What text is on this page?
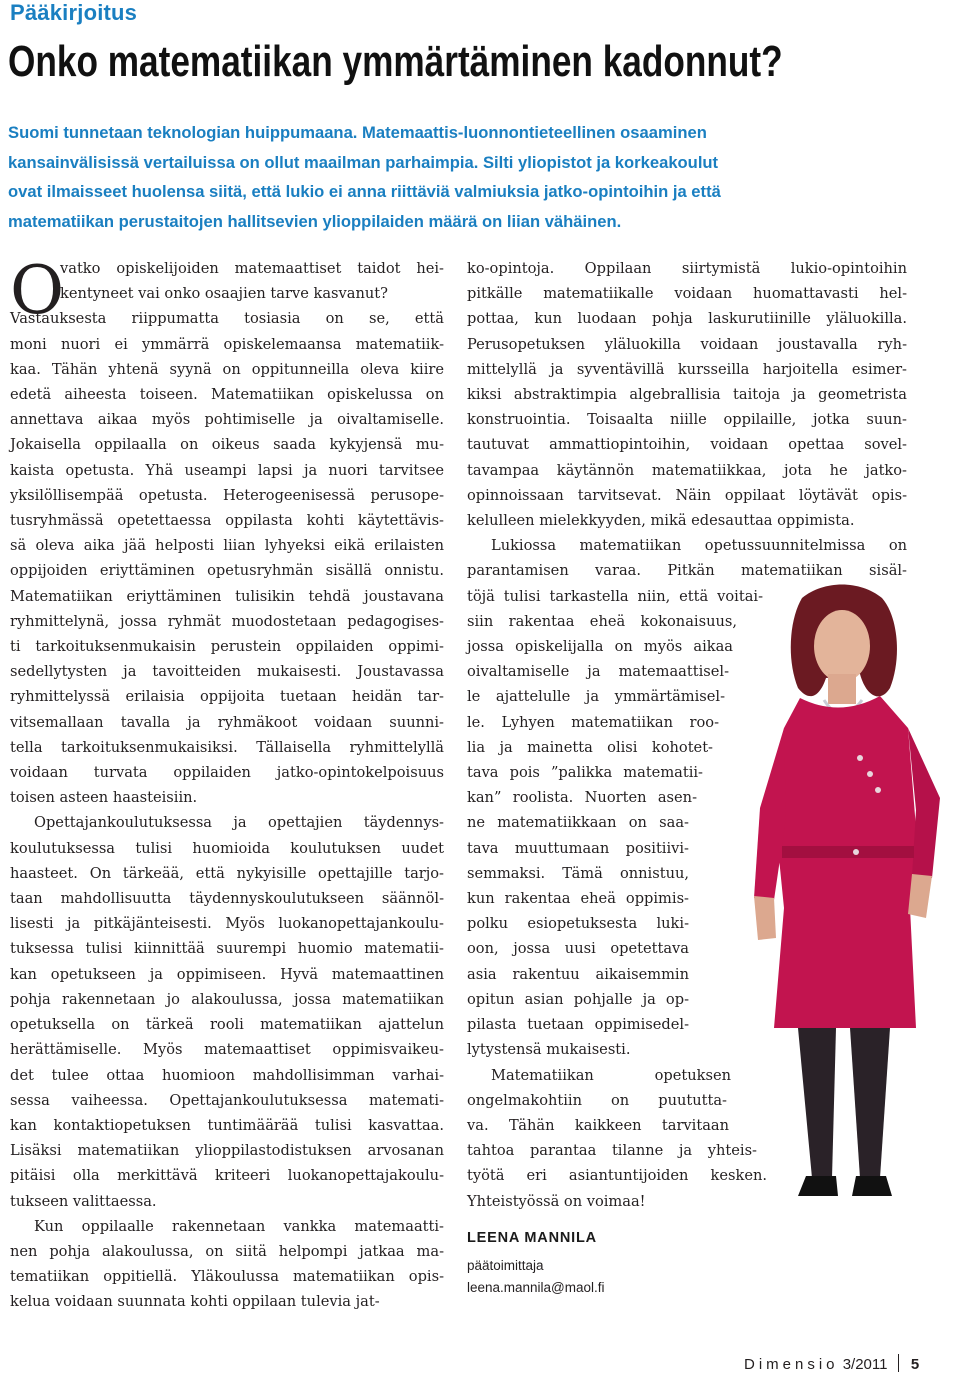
Pääkirjoitus
Onko matematiikan ymmärtäminen kadonnut?
Suomi tunnetaan teknologian huippumaana. Matemaattis-luonnontieteellinen osaaminen
kansainvälisissä vertailuissa on ollut maailman parhaimpia. Silti yliopistot ja korkeakoulut
ovat ilmaisseet huolensa siitä, että lukio ei anna riittäviä valmiuksia jatko-opintoihin ja että
matematiikan perustaitojen hallitsevien ylioppilaiden määrä on liian vähäinen.
O
vatko opiskelijoiden matemaattiset taidot hei-
kentyneet vai onko osaajien tarve kasvanut?
Vastauksesta riippumatta tosiasia on se, että
moni nuori ei ymmärrä opiskelemaansa matematiik-
kaa. Tähän yhtenä syynä on oppitunneilla oleva kiire
edetä aiheesta toiseen. Matematiikan opiskelussa on
annettava aikaa myös pohtimiselle ja oivaltamiselle.
Jokaisella oppilaalla on oikeus saada kykyjensä mu-
kaista opetusta. Yhä useampi lapsi ja nuori tarvitsee
yksilöllisempää opetusta. Heterogeenisessä perusope-
tusryhmässä opetettaessa oppilasta kohti käytettävis-
sä oleva aika jää helposti liian lyhyeksi eikä erilaisten
oppijoiden eriyttäminen opetusryhmän sisällä onnistu.
Matematiikan eriyttäminen tulisikin tehdä joustavana
ryhmittelynä, jossa ryhmät muodostetaan pedagogises-
ti tarkoituksenmukaisin perustein oppilaiden oppimi-
sedellytysten ja tavoitteiden mukaisesti. Joustavassa
ryhmittelyssä erilaisia oppijoita tuetaan heidän tar-
vitsemallaan tavalla ja ryhmäkoot voidaan suunni-
tella tarkoituksenmukaisiksi. Tällaisella ryhmittelyllä
voidaan turvata oppilaiden jatko-opintokelpoisuus
toisen asteen haasteisiin.
Opettajankoulutuksessa ja opettajien täydennys-
koulutuksessa tulisi huomioida koulutuksen uudet
haasteet. On tärkeää, että nykyisille opettajille tarjo-
taan mahdollisuutta täydennyskoulutukseen säännöl-
lisesti ja pitkäjänteisesti. Myös luokanopettajankoulu-
tuksessa tulisi kiinnittää suurempi huomio matematii-
kan opetukseen ja oppimiseen. Hyvä matemaattinen
pohja rakennetaan jo alakoulussa, jossa matematiikan
opetuksella on tärkeä rooli matematiikan ajattelun
herättämiselle. Myös matemaattiset oppimisvaikeu-
det tulee ottaa huomioon mahdollisimman varhai-
sessa vaiheessa. Opettajankoulutuksessa matemati-
kan kontaktiopetuksen tuntimäärää tulisi kasvattaa.
Lisäksi matematiikan ylioppilastodistuksen arvosanan
pitäisi olla merkittävä kriteeri luokanopettajakoulu-
tukseen valittaessa.
Kun oppilaalle rakennetaan vankka matemaatti-
nen pohja alakoulussa, on siitä helpompi jatkaa ma-
tematiikan oppitiellä. Yläkoulussa matematiikan opis-
kelua voidaan suunnata kohti oppilaan tulevia jat-
ko-opintoja. Oppilaan siirtymistä lukio-opintoihin
pitkälle matematiikalle voidaan huomattavasti hel-
pottaa, kun luodaan pohja laskurutiinille yläluokilla.
Perusopetuksen yläluokilla voidaan joustavalla ryh-
mittelyllä ja syventävillä kursseilla harjoitella esimer-
kiksi abstraktimpia algebrallisia taitoja ja geometrista
konstruointia. Toisaalta niille oppilaille, jotka suun-
tautuvat ammattiopintoihin, voidaan opettaa sovel-
tavampaa käytännön matematiikkaa, jota he jatko-
opinnoissaan tarvitsevat. Näin oppilaat löytävät opis-
kelulleen mielekkyyden, mikä edesauttaa oppimista.
Lukiossa matematiikan opetussuunnitelmissa on
parantamisen varaa. Pitkän matematiikan sisäl-
töjä tulisi tarkastella niin, että voitai-
siin rakentaa eheä kokonaisuus,
jossa opiskelijalla on myös aikaa
oivaltamiselle ja matemaattisel-
le ajattelulle ja ymmärtämisel-
le. Lyhyen matematiikan roo-
lia ja mainetta olisi kohotet-
tava pois ”palikka matematii-
kan” roolista. Nuorten asen-
ne matematiikkaan on saa-
tava muuttumaan positiivi-
semmaksi. Tämä onnistuu,
kun rakentaa eheä oppimis-
polku esiopetuksesta luki-
oon, jossa uusi opetettava
asia rakentuu aikaisemmin
opitun asian pohjalle ja op-
pilasta tuetaan oppimisedel-
lytystensä mukaisesti.
Matematiikan opetuksen
ongelmakohtiin on puututta-
va. Tähän kaikkeen tarvitaan
tahtoa parantaa tilanne ja yhteis-
työtä eri asiantuntijoiden kesken.
Yhteistyössä on voimaa!
LEENA MANNILA
päätoimittaja
leena.mannila@maol.fi
Dimensio 3/2011 5
